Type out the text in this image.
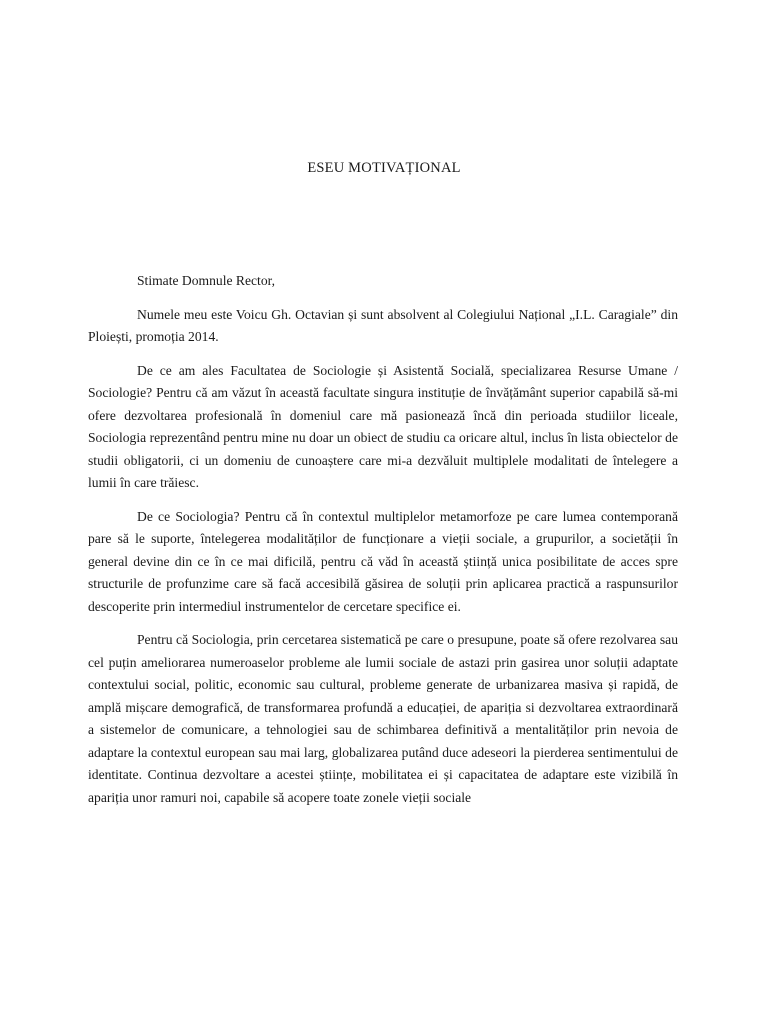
ESEU MOTIVAȚIONAL

Stimate Domnule Rector,

Numele meu este Voicu Gh. Octavian și sunt absolvent al Colegiului Național „I.L. Caragiale” din Ploiești, promoția 2014.

De ce am ales Facultatea de Sociologie și Asistentă Socială, specializarea Resurse Umane / Sociologie? Pentru că am văzut în această facultate singura instituție de învățământ superior capabilă să-mi ofere dezvoltarea profesională în domeniul care mă pasionează încă din perioada studiilor liceale, Sociologia reprezentând pentru mine nu doar un obiect de studiu ca oricare altul, inclus în lista obiectelor de studii obligatorii, ci un domeniu de cunoaștere care mi-a dezvăluit multiplele modalitati de întelegere a lumii în care trăiesc.

De ce Sociologia? Pentru că în contextul multiplelor metamorfoze pe care lumea contemporană pare să le suporte, întelegerea modalităților de funcționare a vieții sociale, a grupurilor, a societății în general devine din ce în ce mai dificilă, pentru că văd în această știință unica posibilitate de acces spre structurile de profunzime care să facă accesibilă găsirea de soluții prin aplicarea practică a raspunsurilor descoperite prin intermediul instrumentelor de cercetare specifice ei.

Pentru că Sociologia, prin cercetarea sistematică pe care o presupune, poate să ofere rezolvarea sau cel puțin ameliorarea numeroaselor probleme ale lumii sociale de astazi prin gasirea unor soluții adaptate contextului social, politic, economic sau cultural, probleme generate de urbanizarea masiva și rapidă, de amplă mișcare demografică, de transformarea profundă a educației, de apariția si dezvoltarea extraordinară a sistemelor de comunicare, a tehnologiei sau de schimbarea definitivă a mentalităților prin nevoia de adaptare la contextul european sau mai larg, globalizarea putând duce adeseori la pierderea sentimentului de identitate. Continua dezvoltare a acestei științe, mobilitatea ei și capacitatea de adaptare este vizibilă în apariția unor ramuri noi, capabile să acopere toate zonele vieții sociale
